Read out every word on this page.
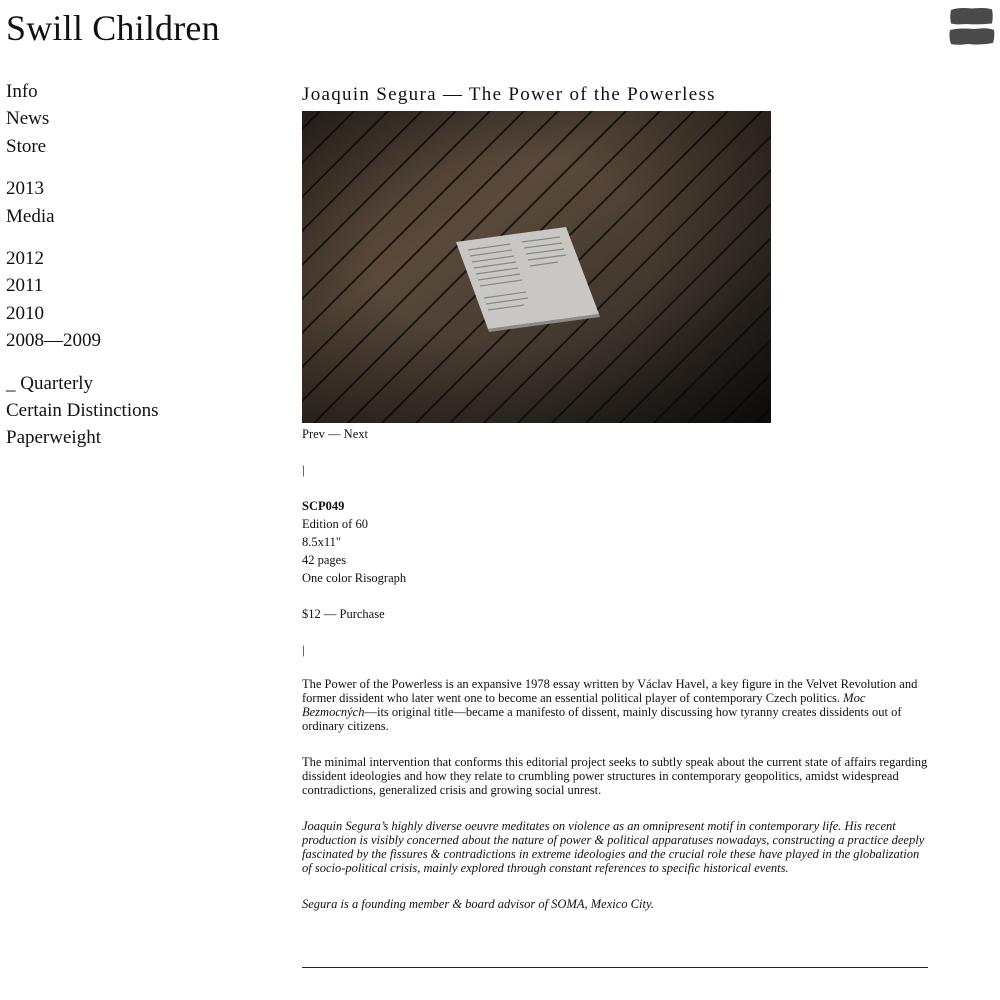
Swill Children
Info
News
Store
2013
Media
2012
2011
2010
2008—2009
_ Quarterly
Certain Distinctions
Paperweight
Joaquin Segura — The Power of the Powerless
Prev — Next
|
SCP049
Edition of 60
8.5x11"
42 pages
One color Risograph
$12 — Purchase
|

The Power of the Powerless is an expansive 1978 essay written by Václav Havel, a key figure in the Velvet Revolution and former dissident who later went one to become an essential political player of contemporary Czech politics. Moc Bezmocných—its original title—became a manifesto of dissent, mainly discussing how tyranny creates dissidents out of ordinary citizens.

The minimal intervention that conforms this editorial project seeks to subtly speak about the current state of affairs regarding dissident ideologies and how they relate to crumbling power structures in contemporary geopolitics, amidst widespread contradictions, generalized crisis and growing social unrest.

Joaquin Segura’s highly diverse oeuvre meditates on violence as an omnipresent motif in contemporary life. His recent production is visibly concerned about the nature of power & political apparatuses nowadays, constructing a practice deeply fascinated by the fissures & contradictions in extreme ideologies and the crucial role these have played in the globalization of socio-political crisis, mainly explored through constant references to specific historical events.

Segura is a founding member & board advisor of SOMA, Mexico City.
